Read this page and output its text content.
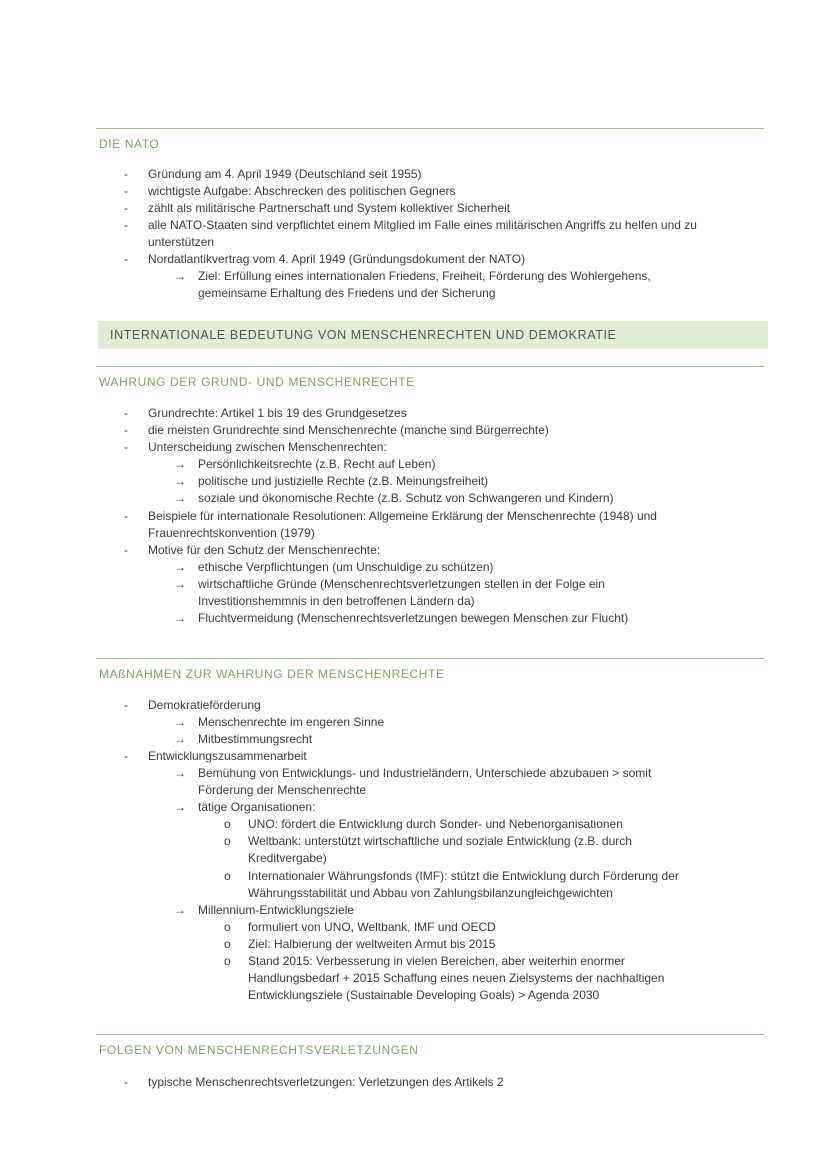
DIE NATO
- Gründung am 4. April 1949 (Deutschland seit 1955)
- wichtigste Aufgabe: Abschrecken des politischen Gegners
- zählt als militärische Partnerschaft und System kollektiver Sicherheit
- alle NATO-Staaten sind verpflichtet einem Mitglied im Falle eines militärischen Angriffs zu helfen und zu
unterstützen
- Nordatlantikvertrag vom 4. April 1949 (Gründungsdokument der NATO)
→ Ziel: Erfüllung eines internationalen Friedens, Freiheit, Förderung des Wohlergehens,
gemeinsame Erhaltung des Friedens und der Sicherung
INTERNATIONALE BEDEUTUNG VON MENSCHENRECHTEN UND DEMOKRATIE
WAHRUNG DER GRUND- UND MENSCHENRECHTE
- Grundrechte: Artikel 1 bis 19 des Grundgesetzes
- die meisten Grundrechte sind Menschenrechte (manche sind Bürgerrechte)
- Unterscheidung zwischen Menschenrechten:
→ Persönlichkeitsrechte (z.B. Recht auf Leben)
→ politische und justizielle Rechte (z.B. Meinungsfreiheit)
→ soziale und ökonomische Rechte (z.B. Schutz von Schwangeren und Kindern)
- Beispiele für internationale Resolutionen: Allgemeine Erklärung der Menschenrechte (1948) und
Frauenrechtskonvention (1979)
- Motive für den Schutz der Menschenrechte:
→ ethische Verpflichtungen (um Unschuldige zu schützen)
→ wirtschaftliche Gründe (Menschenrechtsverletzungen stellen in der Folge ein
Investitionshemmnis in den betroffenen Ländern da)
→ Fluchtvermeidung (Menschenrechtsverletzungen bewegen Menschen zur Flucht)
MAßNAHMEN ZUR WAHRUNG DER MENSCHENRECHTE
- Demokratieförderung
→ Menschenrechte im engeren Sinne
→ Mitbestimmungsrecht
- Entwicklungszusammenarbeit
→ Bemühung von Entwicklungs- und Industrieländern, Unterschiede abzubauen > somit
Förderung der Menschenrechte
→ tätige Organisationen:
o UNO: fördert die Entwicklung durch Sonder- und Nebenorganisationen
o Weltbank: unterstützt wirtschaftliche und soziale Entwicklung (z.B. durch
Kreditvergabe)
o Internationaler Währungsfonds (IMF): stützt die Entwicklung durch Förderung der
Währungsstabilität und Abbau von Zahlungsbilanzungleichgewichten
→ Millennium-Entwicklungsziele
o formuliert von UNO, Weltbank, IMF und OECD
o Ziel: Halbierung der weltweiten Armut bis 2015
o Stand 2015: Verbesserung in vielen Bereichen, aber weiterhin enormer
Handlungsbedarf + 2015 Schaffung eines neuen Zielsystems der nachhaltigen
Entwicklungsziele (Sustainable Developing Goals) > Agenda 2030
FOLGEN VON MENSCHENRECHTSVERLETZUNGEN
- typische Menschenrechtsverletzungen: Verletzungen des Artikels 2
